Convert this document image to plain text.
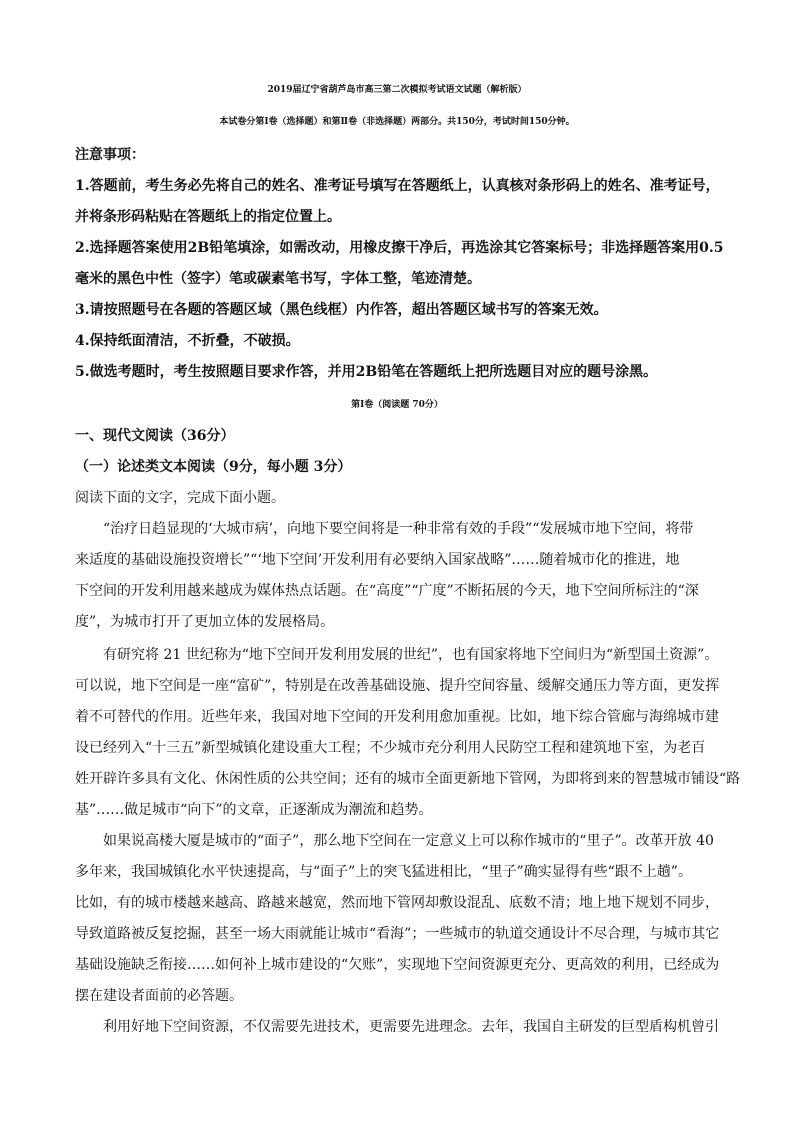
2019届辽宁省葫芦岛市高三第二次模拟考试语文试题（解析版）
本试卷分第Ⅰ卷（选择题）和第Ⅱ卷（非选择题）两部分。共150分，考试时间150分钟。
注意事项：
1.答题前，考生务必先将自己的姓名、准考证号填写在答题纸上，认真核对条形码上的姓名、准考证号，
并将条形码粘贴在答题纸上的指定位置上。
2.选择题答案使用2B铅笔填涂，如需改动，用橡皮擦干净后，再选涂其它答案标号；非选择题答案用0.5
毫米的黑色中性（签字）笔或碳素笔书写，字体工整，笔迹清楚。
3.请按照题号在各题的答题区域（黑色线框）内作答，超出答题区域书写的答案无效。
4.保持纸面清洁，不折叠，不破损。
5.做选考题时，考生按照题目要求作答，并用2B铅笔在答题纸上把所选题目对应的题号涂黑。
第Ⅰ卷（阅读题 70分）
一、现代文阅读（36分）
（一）论述类文本阅读（9分，每小题 3分）
阅读下面的文字，完成下面小题。
“治疗日趋显现的‘大城市病’，向地下要空间将是一种非常有效的手段”“发展城市地下空间，将带
来适度的基础设施投资增长”“‘地下空间’开发利用有必要纳入国家战略”……随着城市化的推进，地
下空间的开发利用越来越成为媒体热点话题。在“高度”“广度”不断拓展的今天，地下空间所标注的“深
度”，为城市打开了更加立体的发展格局。
有研究将 21 世纪称为“地下空间开发利用发展的世纪”，也有国家将地下空间归为“新型国土资源”。
可以说，地下空间是一座“富矿”，特别是在改善基础设施、提升空间容量、缓解交通压力等方面，更发挥
着不可替代的作用。近些年来，我国对地下空间的开发利用愈加重视。比如，地下综合管廊与海绵城市建
设已经列入“十三五”新型城镇化建设重大工程；不少城市充分利用人民防空工程和建筑地下室，为老百
姓开辟许多具有文化、休闲性质的公共空间；还有的城市全面更新地下管网，为即将到来的智慧城市铺设“路
基”……做足城市“向下”的文章，正逐渐成为潮流和趋势。
如果说高楼大厦是城市的“面子”，那么地下空间在一定意义上可以称作城市的“里子”。改革开放 40
多年来，我国城镇化水平快速提高，与“面子”上的突飞猛进相比，“里子”确实显得有些“跟不上趟”。
比如，有的城市楼越来越高、路越来越宽，然而地下管网却敷设混乱、底数不清；地上地下规划不同步，
导致道路被反复挖掘，甚至一场大雨就能让城市“看海”；一些城市的轨道交通设计不尽合理，与城市其它
基础设施缺乏衔接……如何补上城市建设的“欠账”，实现地下空间资源更充分、更高效的利用，已经成为
摆在建设者面前的必答题。
利用好地下空间资源，不仅需要先进技术，更需要先进理念。去年，我国自主研发的巨型盾构机曾引
